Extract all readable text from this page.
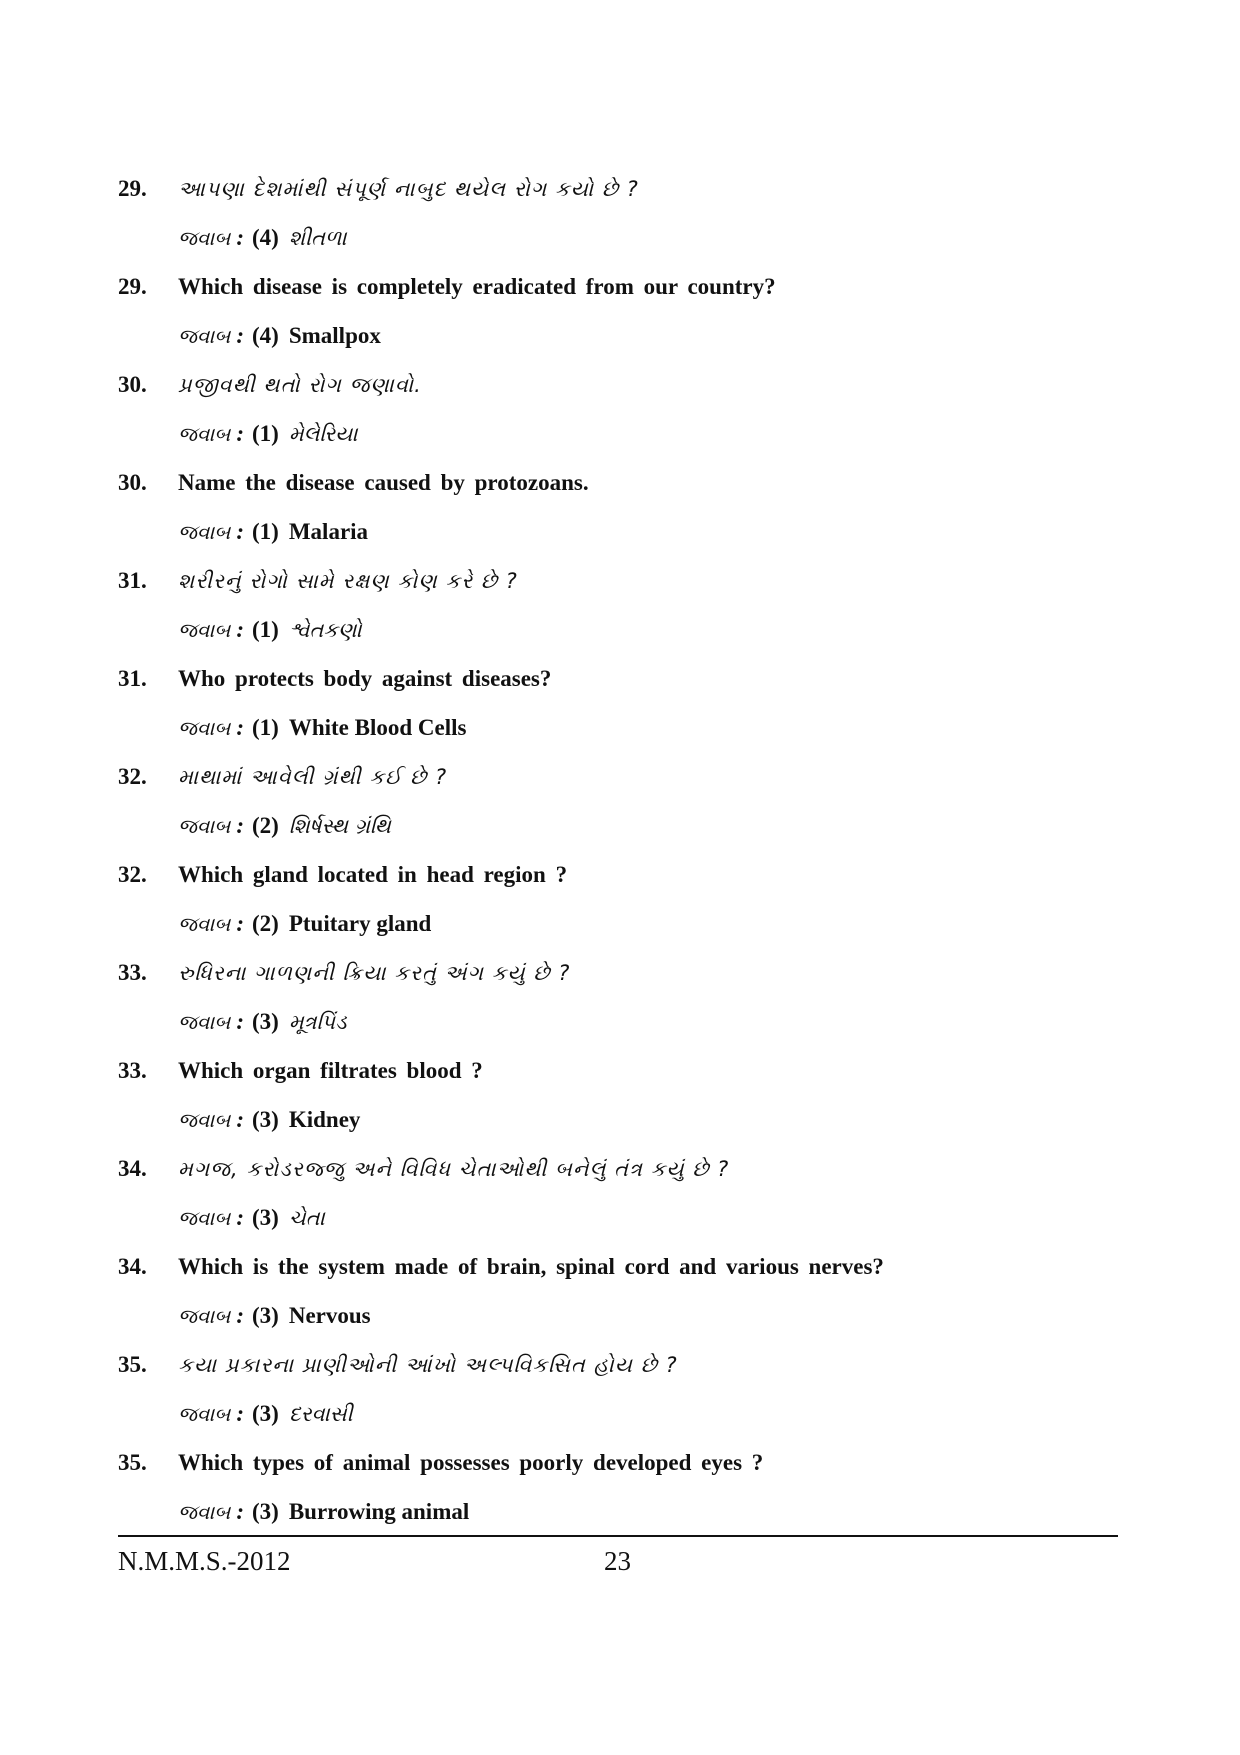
29.	આપણા દેશમાંથી સંપૂર્ણ નાબુદ થયેલ રોગ કયો છે ?
જવાબ : (4) શીતળા
29.	Which disease is completely eradicated from our country?
જવાબ : (4) Smallpox
30.	પ્રજીવથી થતો રોગ જણાવો.
જવાબ : (1) મેલેરિયા
30.	Name the disease caused by protozoans.
જવાબ : (1) Malaria
31.	શરીરનું રોગો સામે રક્ષણ કોણ કરે છે ?
જવાબ : (1) શ્વેતકણો
31.	Who protects body against diseases?
જવાબ : (1) White Blood Cells
32.	માથામાં આવેલી ગ્રંથી કઈ છે ?
જવાબ : (2) શિર્ષસ્થ ગ્રંથિ
32.	Which gland located in head region ?
જવાબ : (2) Ptuitary gland
33.	રુધિરના ગાળણની ક્રિયા કરતું અંગ કયું છે ?
જવાબ : (3) મૂત્રપિંડ
33.	Which organ filtrates blood ?
જવાબ : (3) Kidney
34.	મગજ, કરોડરજ્જુ અને વિવિધ ચેતાઓથી બનેલું તંત્ર કયું છે ?
જવાબ : (3) ચેતા
34.	Which is the system made of brain, spinal cord and various nerves?
જવાબ : (3) Nervous
35.	કયા પ્રકારના પ્રાણીઓની આંખો અલ્પવિકસિત હોય છે ?
જવાબ : (3) દરવાસી
35.	Which types of animal possesses poorly developed eyes ?
જવાબ : (3) Burrowing animal
N.M.M.S.-2012	23
